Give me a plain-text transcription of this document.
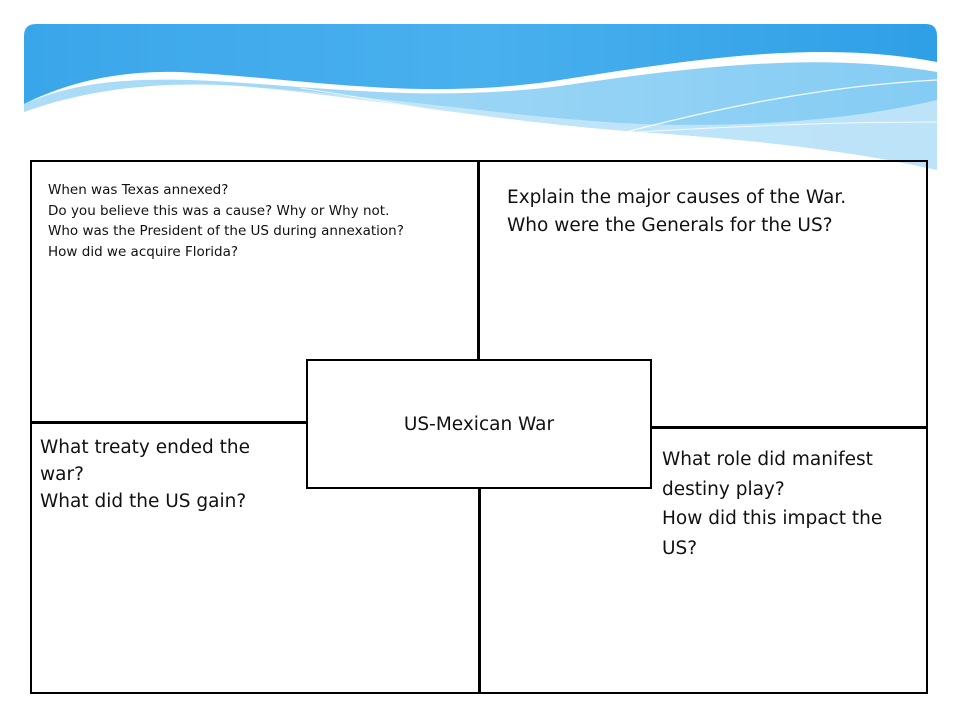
When was Texas annexed?
Do you believe this was a cause? Why or Why not.
Who was the President of the US during annexation?
How did we acquire Florida?
Explain the major causes of the War.
Who were the Generals for the US?
What treaty ended the
war?
What did the US gain?
What role did manifest
destiny play?
How did this impact the
US?
US-Mexican War
